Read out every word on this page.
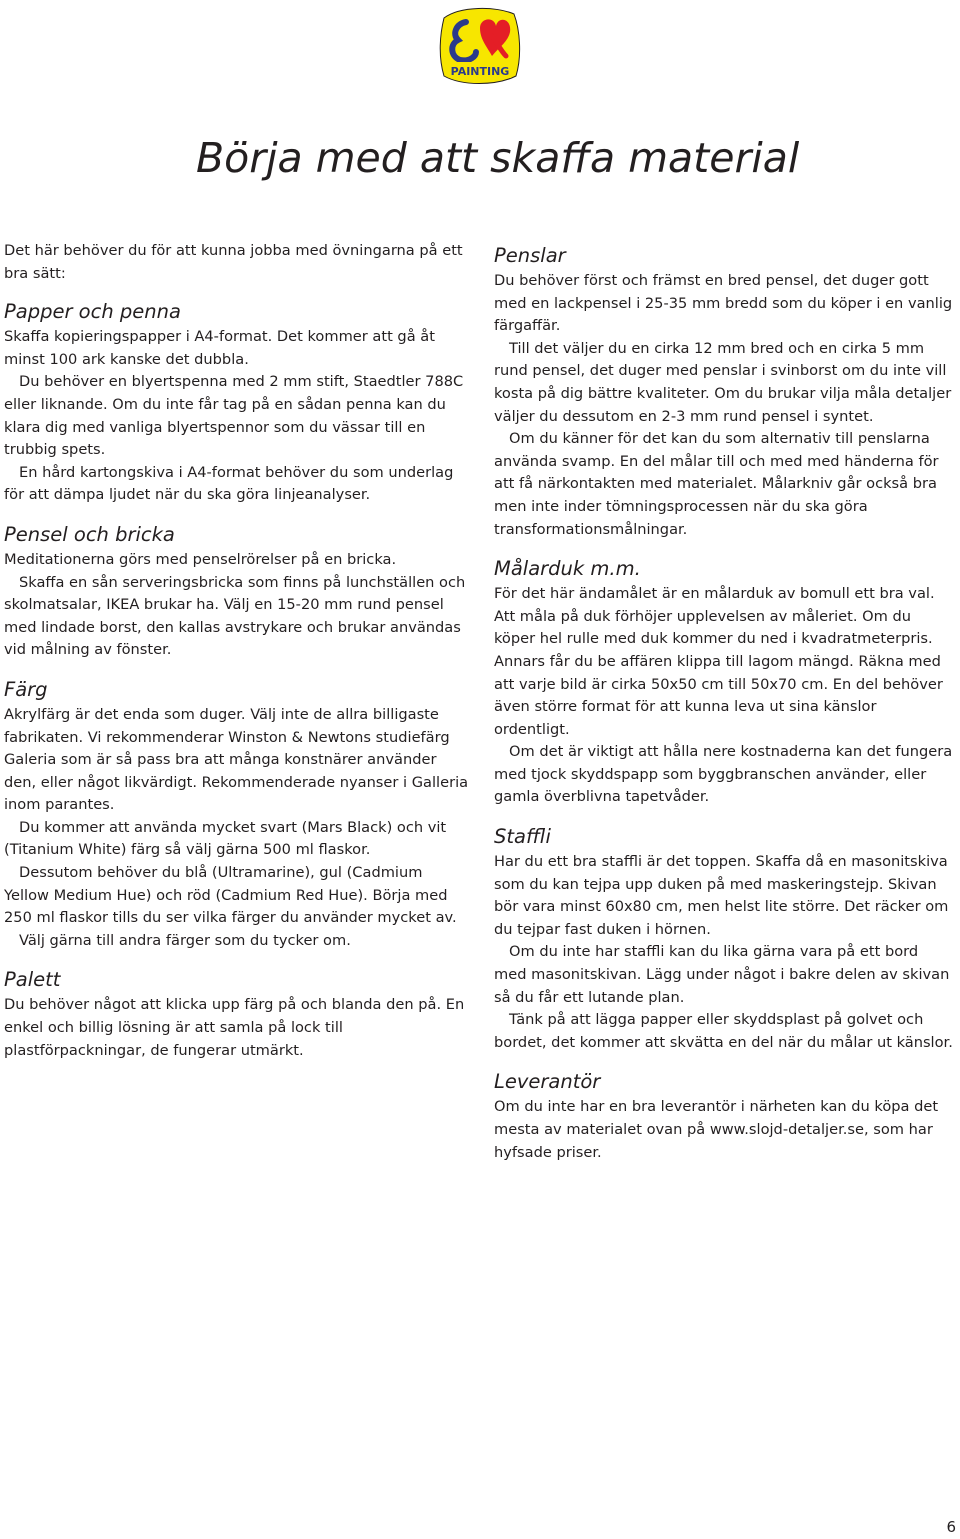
PAINTING
Börja med att skaffa material

Det här behöver du för att kunna jobba med övningarna på ett bra sätt:

Papper och penna

Skaffa kopieringspapper i A4-format. Det kommer att gå åt minst 100 ark kanske det dubbla.

Du behöver en blyertspenna med 2 mm stift, Staedtler 788C eller liknande. Om du inte får tag på en sådan penna kan du klara dig med vanliga blyertspennor som du vässar till en trubbig spets.

En hård kartongskiva i A4-format behöver du som underlag för att dämpa ljudet när du ska göra linjeanalyser.

Pensel och bricka

Meditationerna görs med penselrörelser på en bricka.

Skaffa en sån serveringsbricka som finns på lunchställen och skolmatsalar, IKEA brukar ha. Välj en 15-20 mm rund pensel med lindade borst, den kallas avstrykare och brukar användas vid målning av fönster.

Färg

Akrylfärg är det enda som duger. Välj inte de allra billigaste fabrikaten. Vi rekommenderar Winston & Newtons studiefärg Galeria som är så pass bra att många konstnärer använder den, eller något likvärdigt. Rekommenderade nyanser i Galleria inom parantes.

Du kommer att använda mycket svart (Mars Black) och vit (Titanium White) färg så välj gärna 500 ml flaskor.

Dessutom behöver du blå (Ultramarine), gul (Cadmium Yellow Medium Hue) och röd (Cadmium Red Hue). Börja med 250 ml flaskor tills du ser vilka färger du använder mycket av.

Välj gärna till andra färger som du tycker om.

Palett

Du behöver något att klicka upp färg på och blanda den på. En enkel och billig lösning är att samla på lock till plastförpackningar, de fungerar utmärkt.

Penslar

Du behöver först och främst en bred pensel, det duger gott med en lackpensel i 25-35 mm bredd som du köper i en vanlig färgaffär.

Till det väljer du en cirka 12 mm bred och en cirka 5 mm rund pensel, det duger med penslar i svinborst om du inte vill kosta på dig bättre kvaliteter. Om du brukar vilja måla detaljer väljer du dessutom en 2-3 mm rund pensel i syntet.

Om du känner för det kan du som alternativ till penslarna använda svamp. En del målar till och med med händerna för att få närkontakten med materialet. Målarkniv går också bra men inte inder tömningsprocessen när du ska göra transformationsmålningar.

Målarduk m.m.

För det här ändamålet är en målarduk av bomull ett bra val. Att måla på duk förhöjer upplevelsen av måleriet. Om du köper hel rulle med duk kommer du ned i kvadratmeterpris. Annars får du be affären klippa till lagom mängd. Räkna med att varje bild är cirka 50x50 cm till 50x70 cm. En del behöver även större format för att kunna leva ut sina känslor ordentligt.

Om det är viktigt att hålla nere kostnaderna kan det fungera med tjock skyddspapp som byggbranschen använder, eller gamla överblivna tapetvåder.

Staffli

Har du ett bra staffli är det toppen. Skaffa då en masonitskiva som du kan tejpa upp duken på med maskeringstejp. Skivan bör vara minst 60x80 cm, men helst lite större. Det räcker om du tejpar fast duken i hörnen.

Om du inte har staffli kan du lika gärna vara på ett bord med masonitskivan. Lägg under något i bakre delen av skivan så du får ett lutande plan.

Tänk på att lägga papper eller skyddsplast på golvet och bordet, det kommer att skvätta en del när du målar ut känslor.

Leverantör

Om du inte har en bra leverantör i närheten kan du köpa det mesta av materialet ovan på www.slojd-detaljer.se, som har hyfsade priser.

6
